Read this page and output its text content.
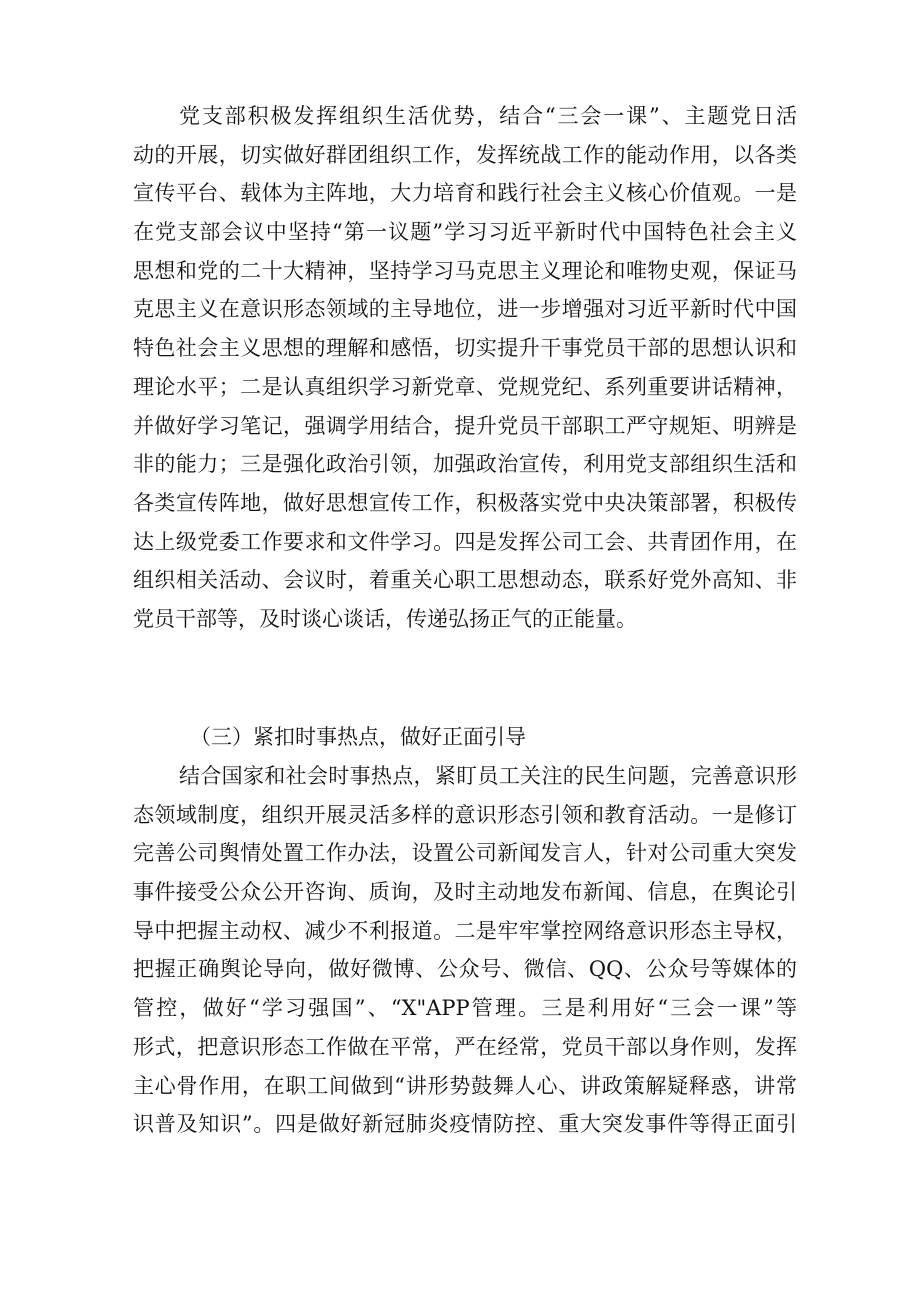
党支部积极发挥组织生活优势，结合“三会一课”、主题党日活
动的开展，切实做好群团组织工作，发挥统战工作的能动作用，以各类
宣传平台、载体为主阵地，大力培育和践行社会主义核心价值观。一是
在党支部会议中坚持“第一议题”学习习近平新时代中国特色社会主义
思想和党的二十大精神，坚持学习马克思主义理论和唯物史观，保证马
克思主义在意识形态领域的主导地位，进一步增强对习近平新时代中国
特色社会主义思想的理解和感悟，切实提升干事党员干部的思想认识和
理论水平；二是认真组织学习新党章、党规党纪、系列重要讲话精神，
并做好学习笔记，强调学用结合，提升党员干部职工严守规矩、明辨是
非的能力；三是强化政治引领，加强政治宣传，利用党支部组织生活和
各类宣传阵地，做好思想宣传工作，积极落实党中央决策部署，积极传
达上级党委工作要求和文件学习。四是发挥公司工会、共青团作用，在
组织相关活动、会议时，着重关心职工思想动态，联系好党外高知、非
党员干部等，及时谈心谈话，传递弘扬正气的正能量。
（三）紧扣时事热点，做好正面引导
结合国家和社会时事热点，紧盯员工关注的民生问题，完善意识形
态领域制度，组织开展灵活多样的意识形态引领和教育活动。一是修订
完善公司舆情处置工作办法，设置公司新闻发言人，针对公司重大突发
事件接受公众公开咨询、质询，及时主动地发布新闻、信息，在舆论引
导中把握主动权、减少不利报道。二是牢牢掌控网络意识形态主导权，
把握正确舆论导向，做好微博、公众号、微信、QQ、公众号等媒体的
管控，做好“学习强国”、“X"APP管理。三是利用好“三会一课”等
形式，把意识形态工作做在平常，严在经常，党员干部以身作则，发挥
主心骨作用，在职工间做到“讲形势鼓舞人心、讲政策解疑释惑，讲常
识普及知识”。四是做好新冠肺炎疫情防控、重大突发事件等得正面引
